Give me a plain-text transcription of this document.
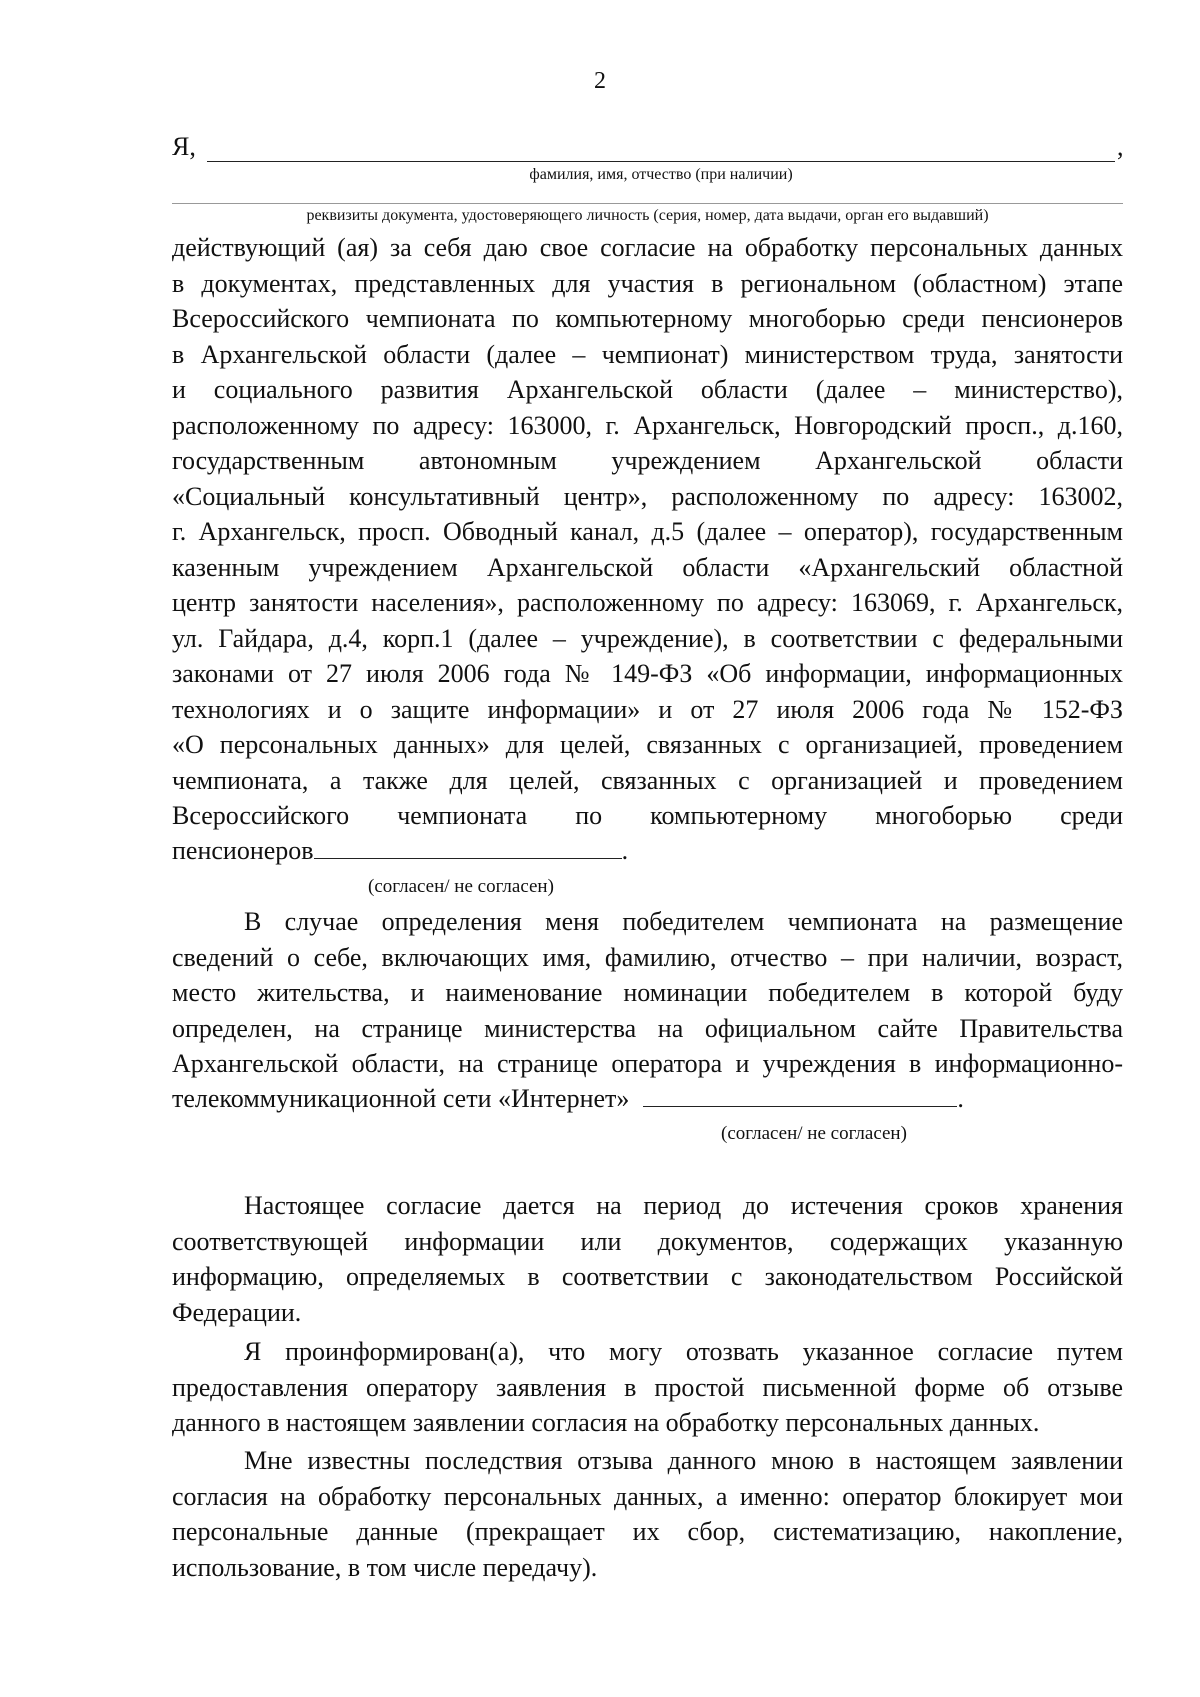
2
Я,	,
фамилия, имя, отчество (при наличии)
реквизиты документа, удостоверяющего личность (серия, номер, дата выдачи, орган его выдавший)
действующий (ая) за себя даю свое согласие на обработку персональных данных
в документах, представленных для участия в региональном (областном) этапе
Всероссийского чемпионата по компьютерному многоборью среди пенсионеров
в Архангельской области (далее – чемпионат) министерством труда, занятости
и социального развития Архангельской области (далее – министерство),
расположенному по адресу: 163000, г. Архангельск, Новгородский просп., д.160,
государственным автономным учреждением Архангельской области
«Социальный консультативный центр», расположенному по адресу: 163002,
г. Архангельск, просп. Обводный канал, д.5 (далее – оператор), государственным
казенным учреждением Архангельской области «Архангельский областной
центр занятости населения», расположенному по адресу: 163069, г. Архангельск,
ул. Гайдара, д.4, корп.1 (далее – учреждение), в соответствии с федеральными
законами от 27 июля 2006 года № 149-ФЗ «Об информации, информационных
технологиях и о защите информации» и от 27 июля 2006 года № 152-ФЗ
«О персональных данных» для целей, связанных с организацией, проведением
чемпионата, а также для целей, связанных с организацией и проведением
Всероссийского чемпионата по компьютерному многоборью среди
пенсионеров	.
(согласен/ не согласен)
В случае определения меня победителем чемпионата на размещение
сведений о себе, включающих имя, фамилию, отчество – при наличии, возраст,
место жительства, и наименование номинации победителем в которой буду
определен, на странице министерства на официальном сайте Правительства
Архангельской области, на странице оператора и учреждения в информационно-
телекоммуникационной сети «Интернет»	.
(согласен/ не согласен)
Настоящее согласие дается на период до истечения сроков хранения
соответствующей информации или документов, содержащих указанную
информацию, определяемых в соответствии с законодательством Российской
Федерации.
Я проинформирован(а), что могу отозвать указанное согласие путем
предоставления оператору заявления в простой письменной форме об отзыве
данного в настоящем заявлении согласия на обработку персональных данных.
Мне известны последствия отзыва данного мною в настоящем заявлении
согласия на обработку персональных данных, а именно: оператор блокирует мои
персональные данные (прекращает их сбор, систематизацию, накопление,
использование, в том числе передачу).
